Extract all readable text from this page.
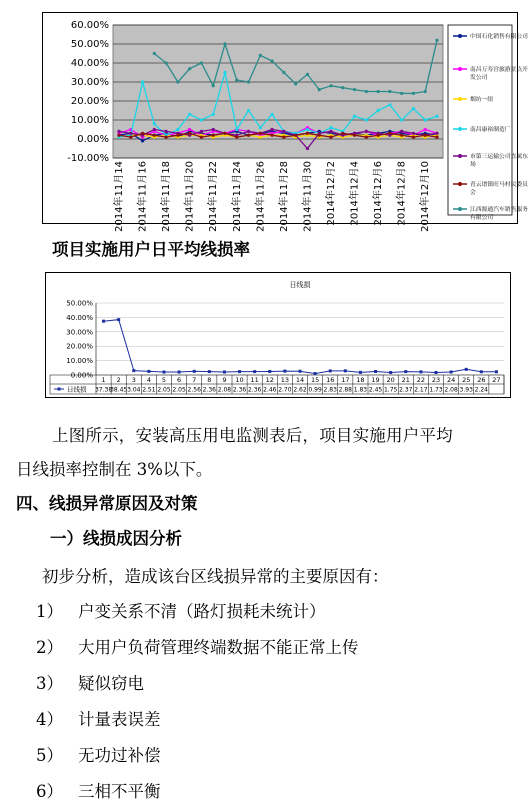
60.00%
50.00%
40.00%
30.00%
20.00%
10.00%
0.00%
-10.00%
2014年11月14 2014年11月16 2014年11月18 2014年11月20 2014年11月22 2014年11月24 2014年11月26 2014年11月28 2014年11月30 2014年12月2 2014年12月4 2014年12月6 2014年12月8 2014年12月10
中国石化销售有限公司
南昌万寿宫旅游景点开发公司
烟坊一组
南昌康裕制造厂
市第三运输公司直属东场
青云谱镇旺马村民委员会
江西源通汽车销售服务有限公司
项目实施用户日平均线损率
日线损
50.00%
40.00%
30.00%
20.00%
10.00%
0.00%
1 2 3 4 5 6 7 8 9 10 11 12 13 14 15 16 17 18 19 20 21 22 23 24 25 26 27
37.38
38.45 3.04 2.51 2.05 2.05 2.56 2.36 2.08 2.36 2.36 2.46 2.70 2.62 0.99 2.83 2.88 1.83 2.45 1.75 2.37 2.17 1.73 2.08 3.93 2.24
日线损
上图所示，安装高压用电监测表后，项目实施用户平均
日线损率控制在 3%以下。
四、线损异常原因及对策
一）线损成因分析
初步分析，造成该台区线损异常的主要原因有：
1） 户变关系不清（路灯损耗未统计）
2） 大用户负荷管理终端数据不能正常上传
3） 疑似窃电
4） 计量表误差
5） 无功过补偿
6） 三相不平衡
